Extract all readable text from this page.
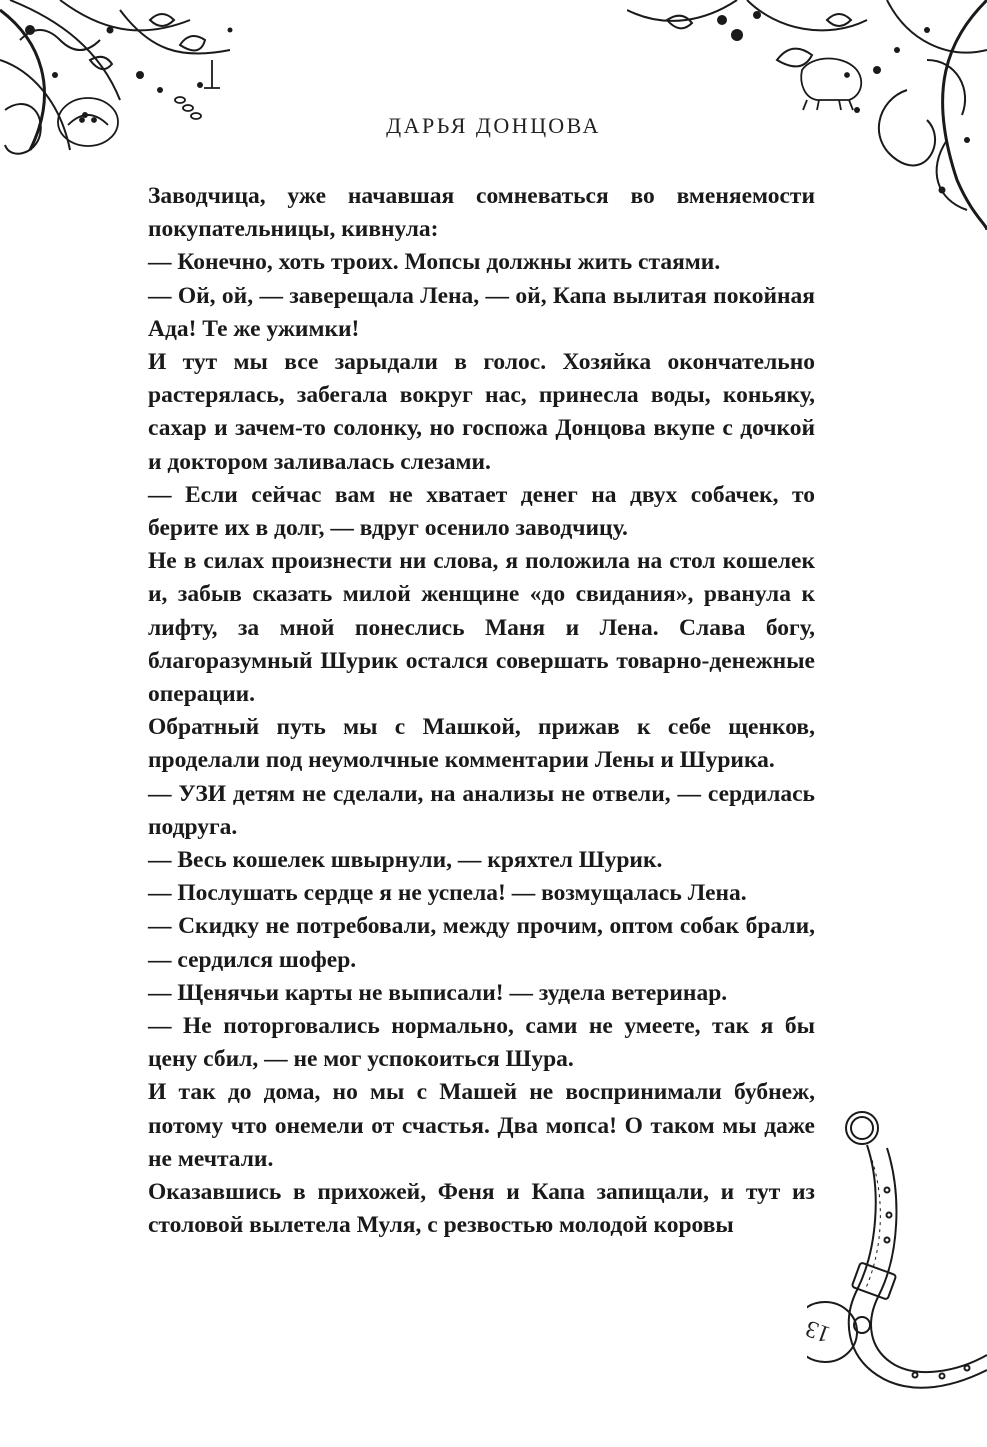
ДАРЬЯ ДОНЦОВА

Заводчица, уже начавшая сомневаться во вменяемости покупательницы, кивнула:

— Конечно, хоть троих. Мопсы должны жить стаями.

— Ой, ой, — заверещала Лена, — ой, Капа вылитая покойная Ада! Те же ужимки!

И тут мы все зарыдали в голос. Хозяйка окончательно растерялась, забегала вокруг нас, принесла воды, коньяку, сахар и зачем-то солонку, но госпожа Донцова вкупе с дочкой и доктором заливалась слезами.

— Если сейчас вам не хватает денег на двух собачек, то берите их в долг, — вдруг осенило заводчицу.

Не в силах произнести ни слова, я положила на стол кошелек и, забыв сказать милой женщине «до свидания», рванула к лифту, за мной понеслись Маня и Лена. Слава богу, благоразумный Шурик остался совершать товарно-денежные операции.

Обратный путь мы с Машкой, прижав к себе щенков, проделали под неумолчные комментарии Лены и Шурика.

— УЗИ детям не сделали, на анализы не отвели, — сердилась подруга.

— Весь кошелек швырнули, — кряхтел Шурик.

— Послушать сердце я не успела! — возмущалась Лена.

— Скидку не потребовали, между прочим, оптом собак брали, — сердился шофер.

— Щенячьи карты не выписали! — зудела ветеринар.

— Не поторговались нормально, сами не умеете, так я бы цену сбил, — не мог успокоиться Шура.

И так до дома, но мы с Машей не воспринимали бубнеж, потому что онемели от счастья. Два мопса! О таком мы даже не мечтали.

Оказавшись в прихожей, Феня и Капа запищали, и тут из столовой вылетела Муля, с резвостью молодой коровы

13
